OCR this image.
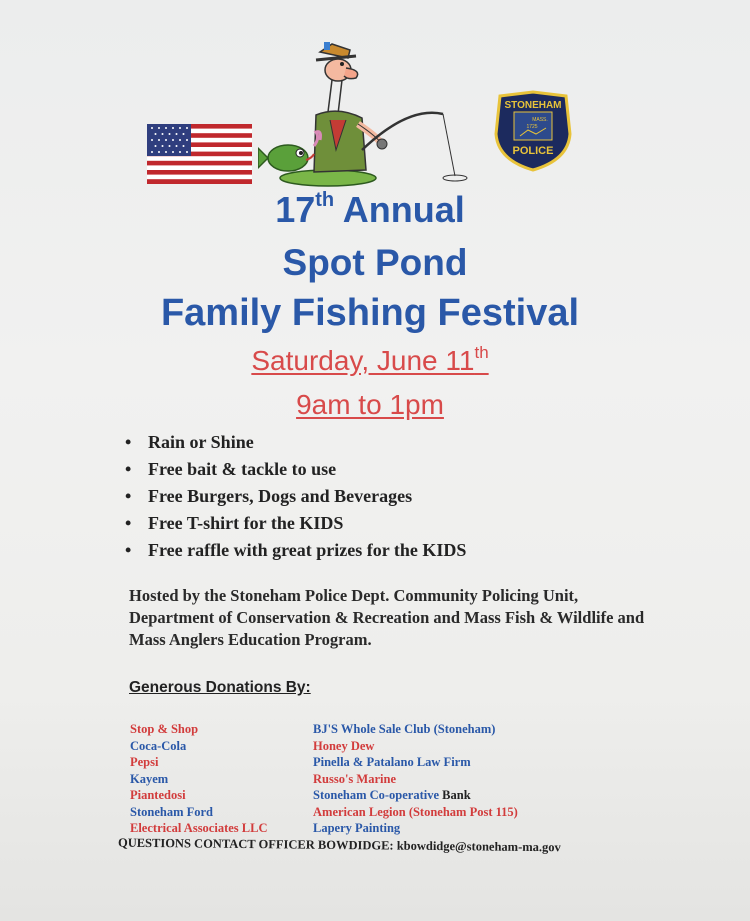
STONEHAM
MASS.
1725
POLICE
17th Annual
Spot Pond
Family Fishing Festival
Saturday, June 11th
9am to 1pm
• Rain or Shine
• Free bait & tackle to use
• Free Burgers, Dogs and Beverages
• Free T-shirt for the KIDS
• Free raffle with great prizes for the KIDS
Hosted by the Stoneham Police Dept. Community Policing Unit, Department of Conservation & Recreation and Mass Fish & Wildlife and Mass Anglers Education Program.
Generous Donations By:
Stop & Shop
Coca-Cola
Pepsi
Kayem
Piantedosi
Stoneham Ford
Electrical Associates LLC
BJ'S Whole Sale Club (Stoneham)
Honey Dew
Pinella & Patalano Law Firm
Russo's Marine
Stoneham Co-operative Bank
American Legion (Stoneham Post 115)
Lapery Painting
QUESTIONS CONTACT OFFICER BOWDIDGE: kbowdidge@stoneham-ma.gov
